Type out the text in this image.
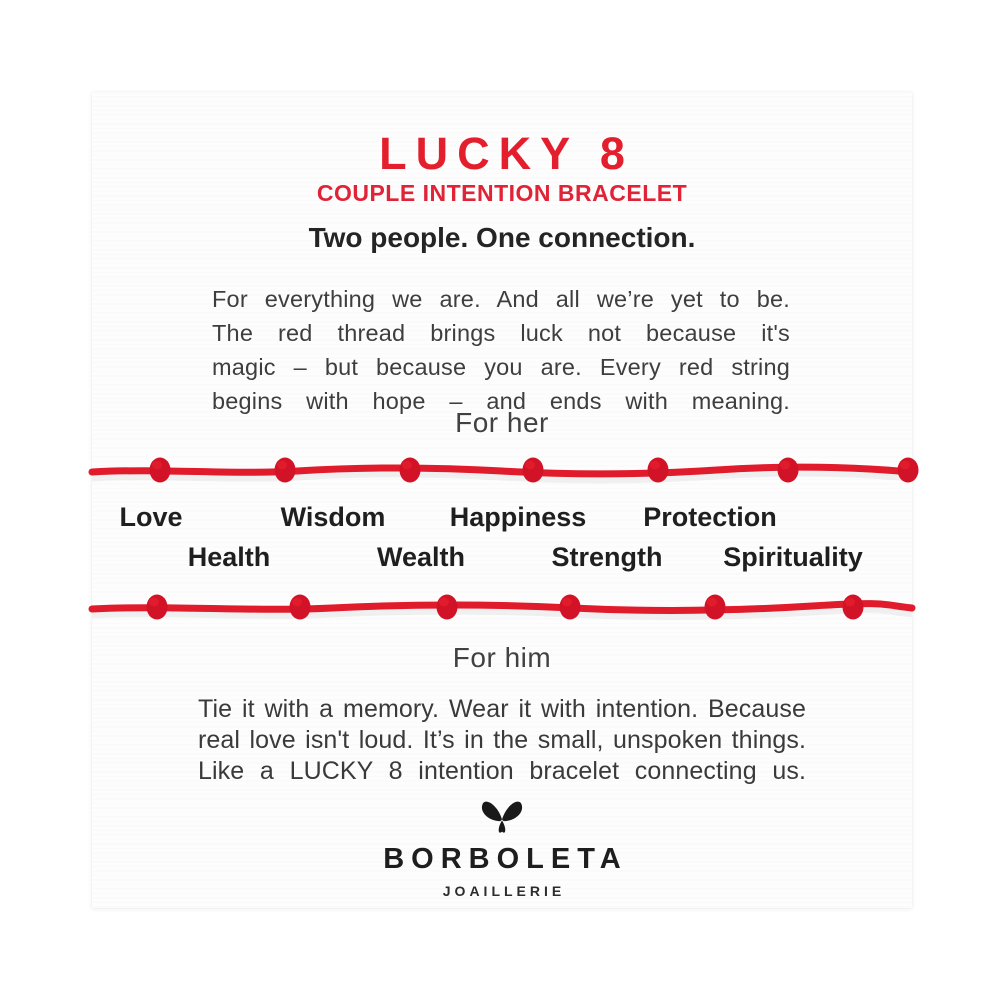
LUCKY 8
COUPLE INTENTION BRACELET
Two people. One connection.
For everything we are. And all we’re yet to be.
The red thread brings luck not because it's
magic – but because you are. Every red string
begins with hope – and ends with meaning.
For her
Love	Wisdom Happiness Protection
Health	Wealth	Strength Spirituality
For him
Tie it with a memory. Wear it with intention. Because
real love isn't loud. It’s in the small, unspoken things.
Like a LUCKY 8 intention bracelet connecting us.
BORBOLETA
JOAILLERIE
